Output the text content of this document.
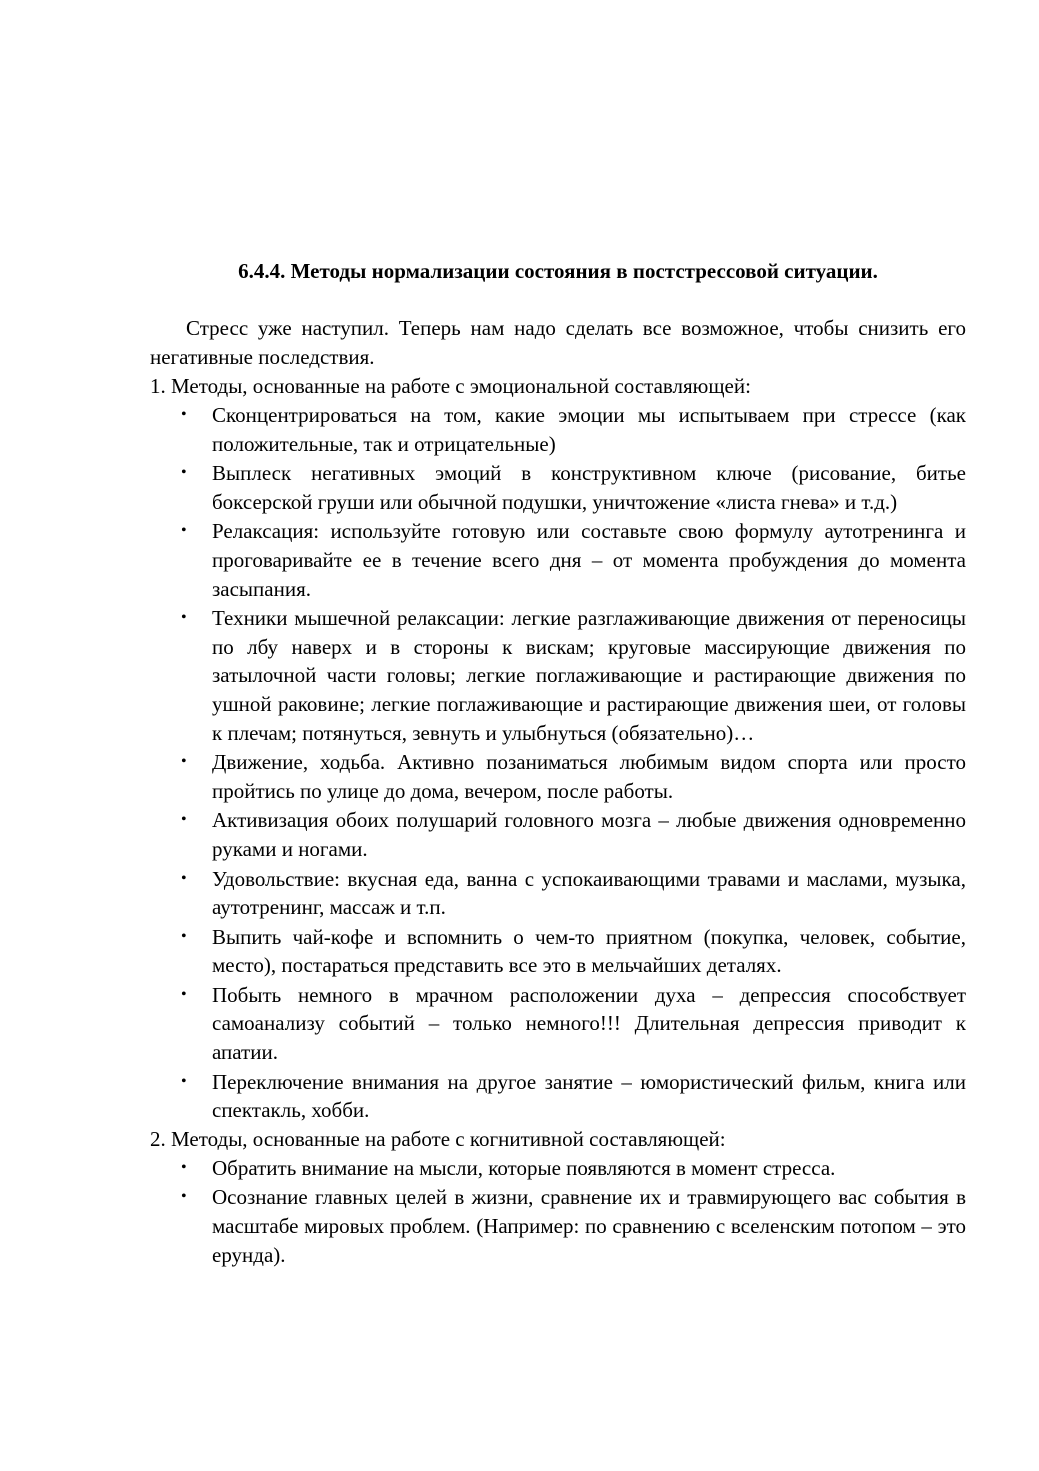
6.4.4. Методы нормализации состояния в постстрессовой ситуации.

Стресс уже наступил. Теперь нам надо сделать все возможное, чтобы снизить его негативные последствия.

1. Методы, основанные на работе с эмоциональной составляющей:

• Сконцентрироваться на том, какие эмоции мы испытываем при стрессе (как положительные, так и отрицательные)
• Выплеск негативных эмоций в конструктивном ключе (рисование, битье боксерской груши или обычной подушки, уничтожение «листа гнева» и т.д.)
• Релаксация: используйте готовую или составьте свою формулу аутотренинга и проговаривайте ее в течение всего дня – от момента пробуждения до момента засыпания.
• Техники мышечной релаксации: легкие разглаживающие движения от переносицы по лбу наверх и в стороны к вискам; круговые массирующие движения по затылочной части головы; легкие поглаживающие и растирающие движения по ушной раковине; легкие поглаживающие и растирающие движения шеи, от головы к плечам; потянуться, зевнуть и улыбнуться (обязательно)…
• Движение, ходьба. Активно позаниматься любимым видом спорта или просто пройтись по улице до дома, вечером, после работы.
• Активизация обоих полушарий головного мозга – любые движения одновременно руками и ногами.
• Удовольствие: вкусная еда, ванна с успокаивающими травами и маслами, музыка, аутотренинг, массаж и т.п.
• Выпить чай-кофе и вспомнить о чем-то приятном (покупка, человек, событие, место), постараться представить все это в мельчайших деталях.
• Побыть немного в мрачном расположении духа – депрессия способствует самоанализу событий – только немного!!! Длительная депрессия приводит к апатии.
• Переключение внимания на другое занятие – юмористический фильм, книга или спектакль, хобби.

2. Методы, основанные на работе с когнитивной составляющей:

• Обратить внимание на мысли, которые появляются в момент стресса.
• Осознание главных целей в жизни, сравнение их и травмирующего вас события в масштабе мировых проблем. (Например: по сравнению с вселенским потопом – это ерунда).
